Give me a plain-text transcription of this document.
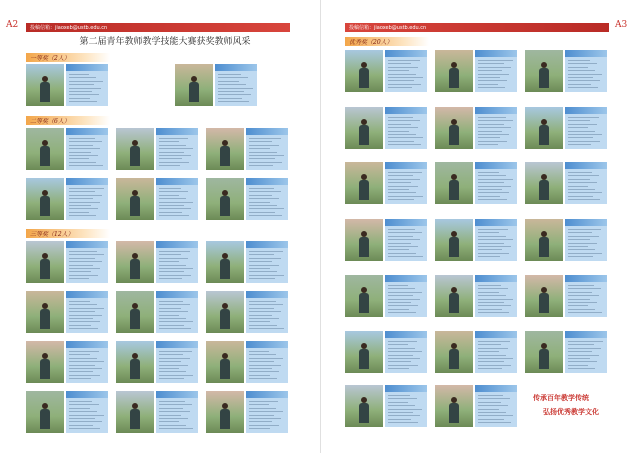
A2	投稿信箱：jiaoxeb@ustb.edu.cn
第二届青年教师教学技能大赛获奖教师风采
一等奖（2人）
二等奖（6人）
三等奖（12人）
A3
投稿信箱：jiaoxeb@ustb.edu.cn
优秀奖（20人）
传承百年教学传统
弘扬优秀教学文化
